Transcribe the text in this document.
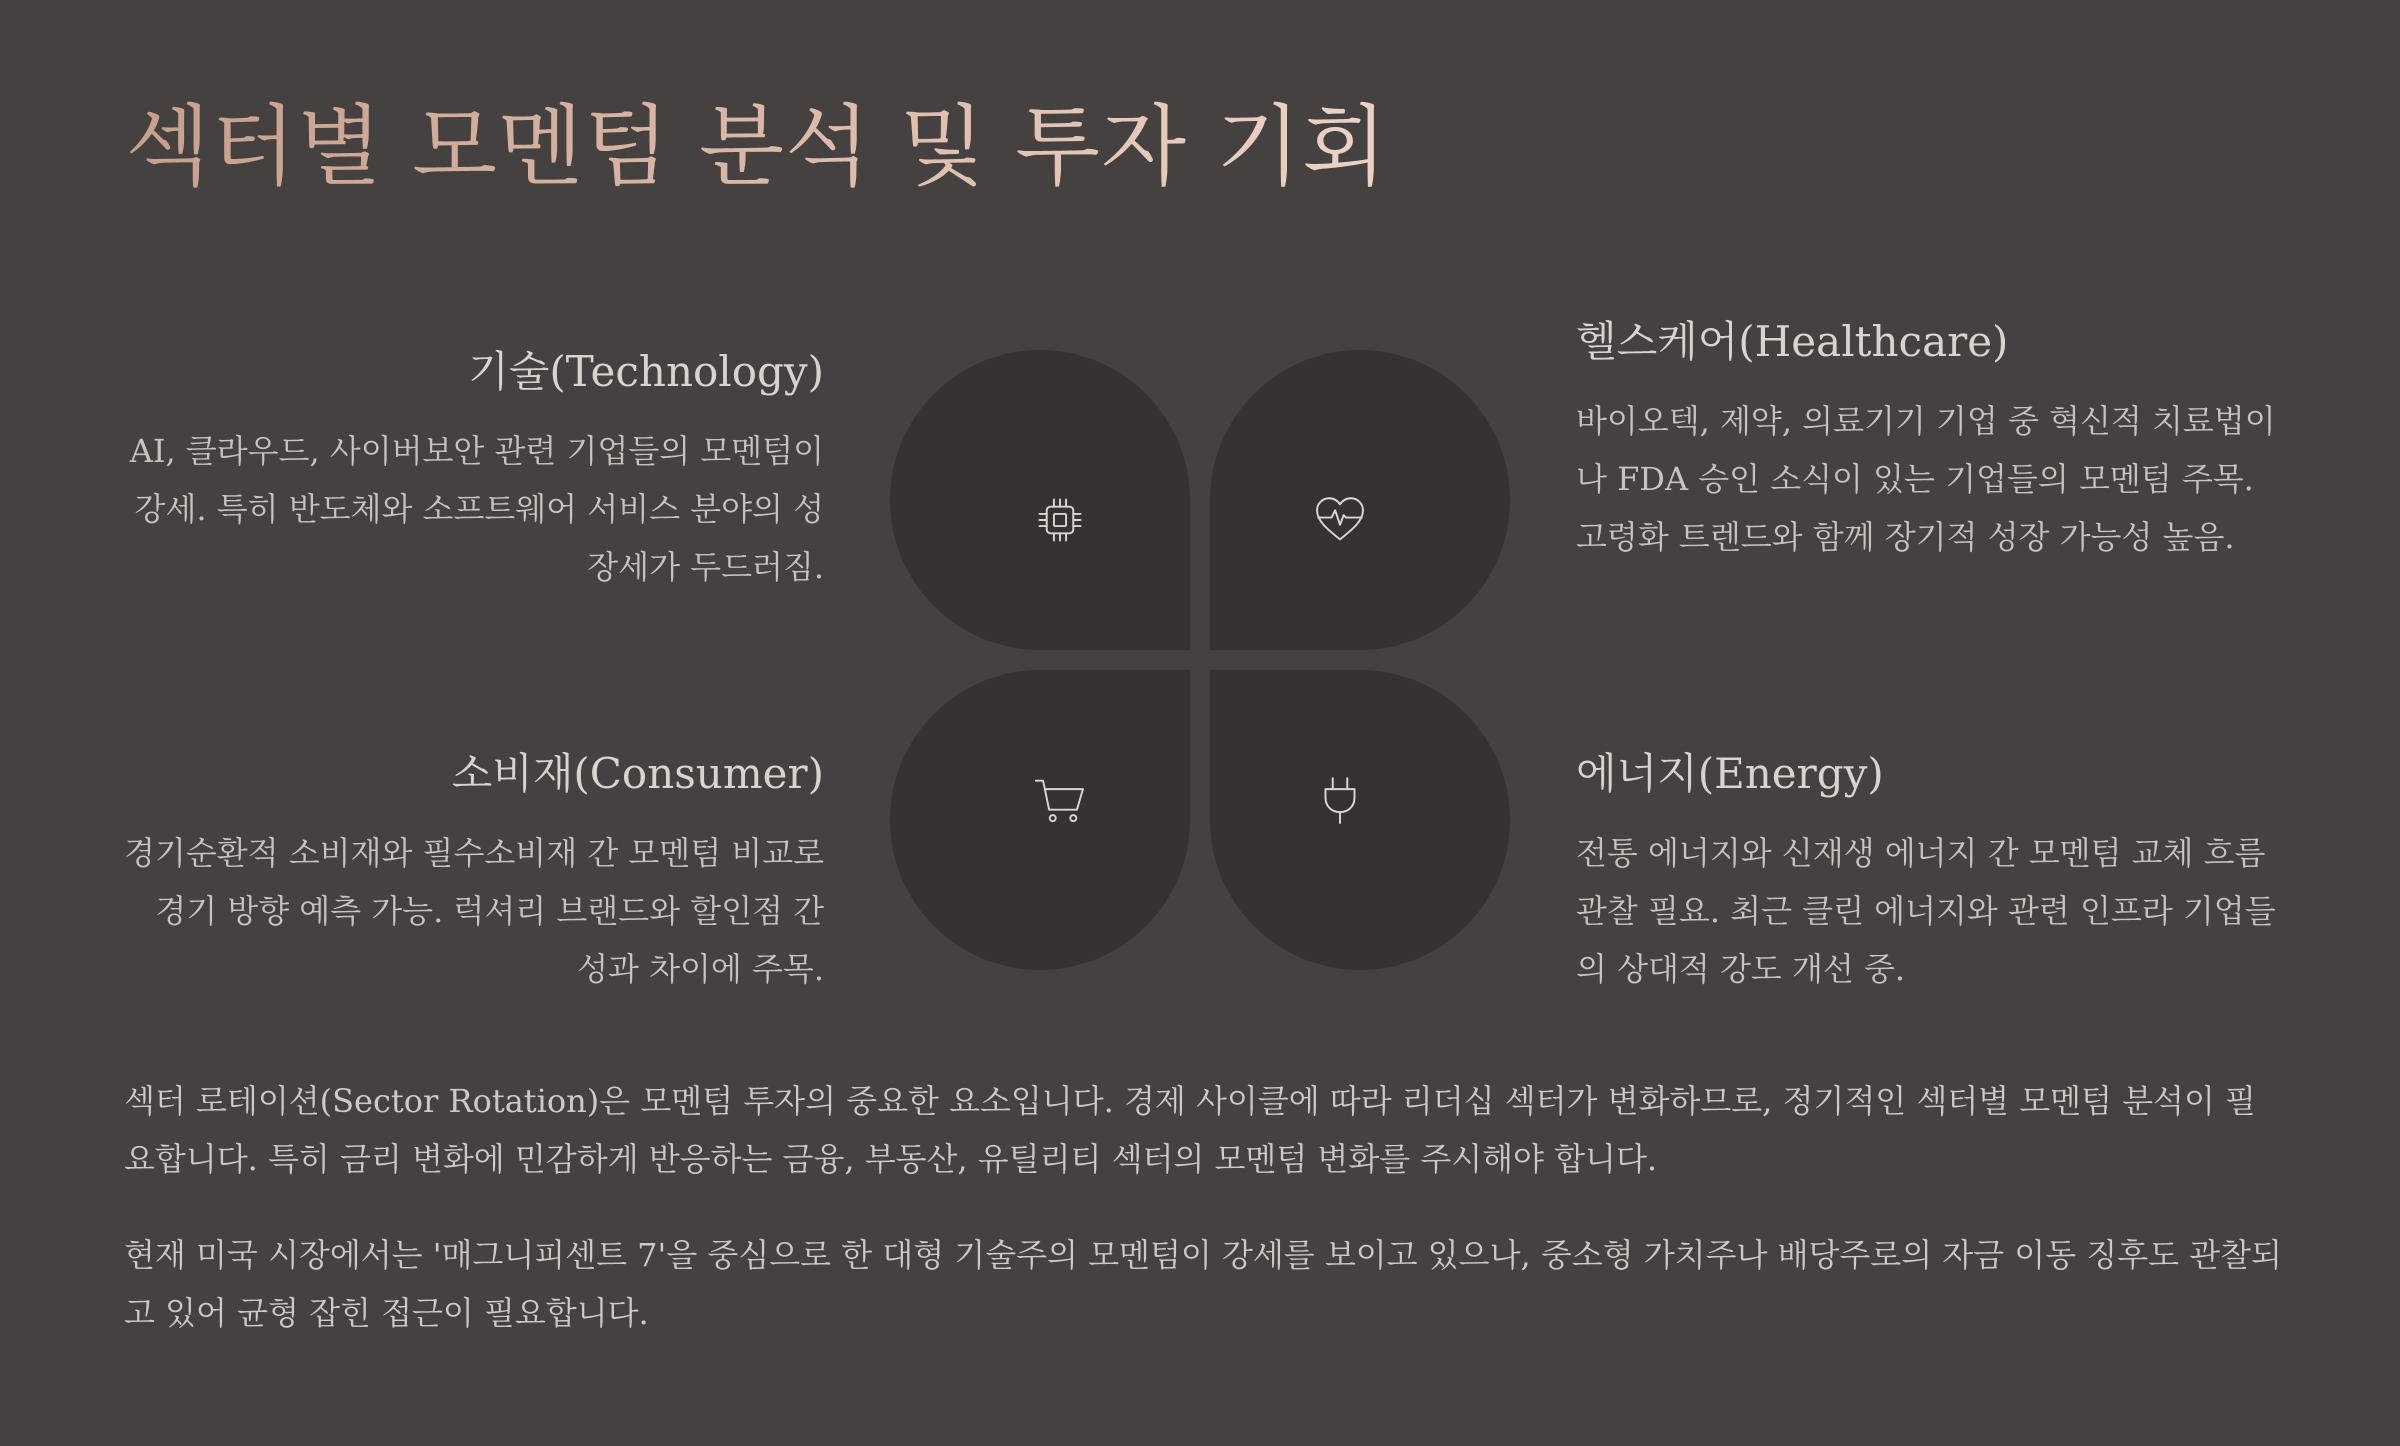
섹터별 모멘텀 분석 및 투자 기회
기술(Technology)

AI, 클라우드, 사이버보안 관련 기업들의 모멘텀이 강세. 특히 반도체와 소프트웨어 서비스 분야의 성장세가 두드러짐.

헬스케어(Healthcare)

바이오텍, 제약, 의료기기 기업 중 혁신적 치료법이나 FDA 승인 소식이 있는 기업들의 모멘텀 주목. 고령화 트렌드와 함께 장기적 성장 가능성 높음.

소비재(Consumer)

경기순환적 소비재와 필수소비재 간 모멘텀 비교로 경기 방향 예측 가능. 럭셔리 브랜드와 할인점 간 성과 차이에 주목.

에너지(Energy)

전통 에너지와 신재생 에너지 간 모멘텀 교체 흐름 관찰 필요. 최근 클린 에너지와 관련 인프라 기업들의 상대적 강도 개선 중.

섹터 로테이션(Sector Rotation)은 모멘텀 투자의 중요한 요소입니다. 경제 사이클에 따라 리더십 섹터가 변화하므로, 정기적인 섹터별 모멘텀 분석이 필요합니다. 특히 금리 변화에 민감하게 반응하는 금융, 부동산, 유틸리티 섹터의 모멘텀 변화를 주시해야 합니다.

현재 미국 시장에서는 '매그니피센트 7'을 중심으로 한 대형 기술주의 모멘텀이 강세를 보이고 있으나, 중소형 가치주나 배당주로의 자금 이동 징후도 관찰되고 있어 균형 잡힌 접근이 필요합니다.
